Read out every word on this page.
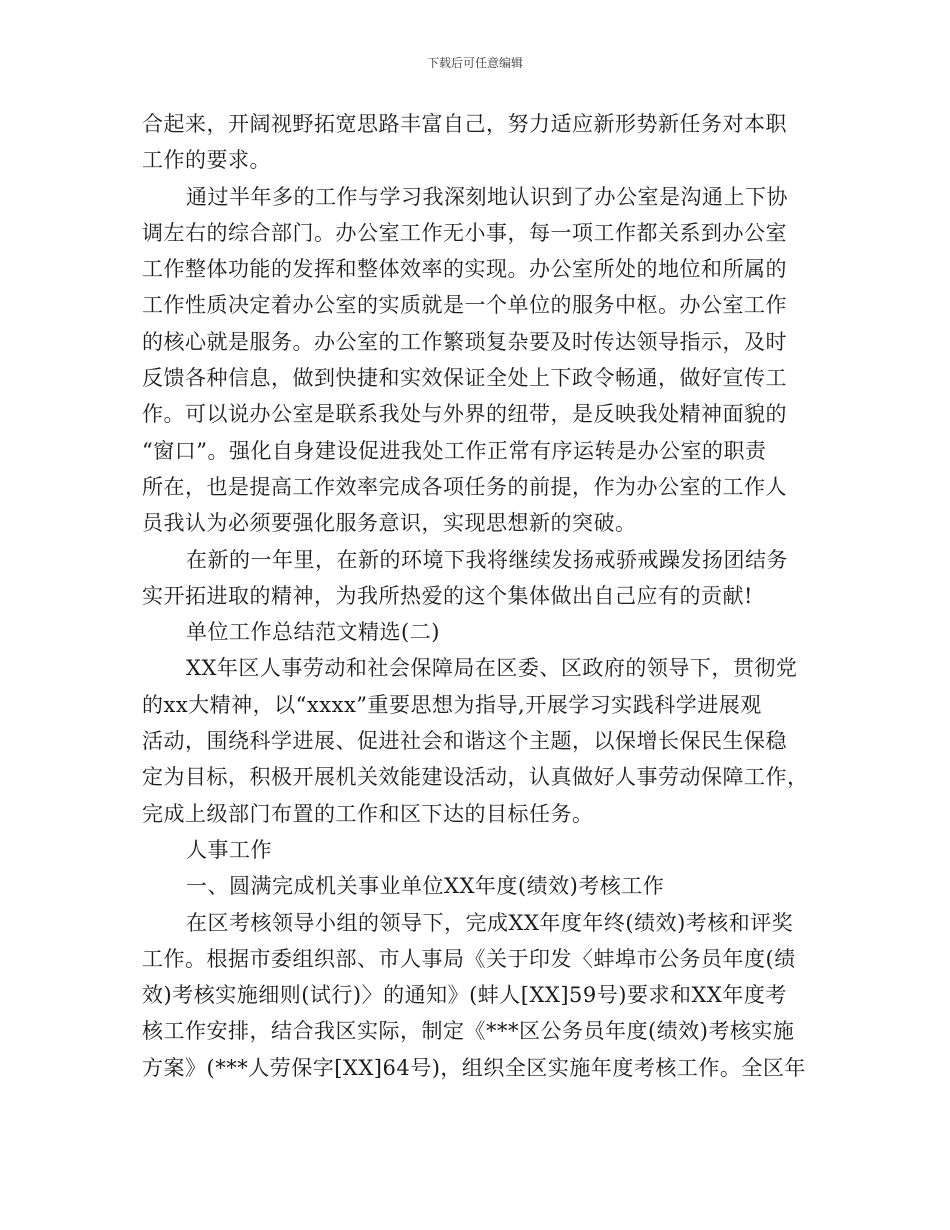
下载后可任意编辑
合起来，开阔视野拓宽思路丰富自己，努力适应新形势新任务对本职
工作的要求。
通过半年多的工作与学习我深刻地认识到了办公室是沟通上下协
调左右的综合部门。办公室工作无小事，每一项工作都关系到办公室
工作整体功能的发挥和整体效率的实现。办公室所处的地位和所属的
工作性质决定着办公室的实质就是一个单位的服务中枢。办公室工作
的核心就是服务。办公室的工作繁琐复杂要及时传达领导指示，及时
反馈各种信息，做到快捷和实效保证全处上下政令畅通，做好宣传工
作。可以说办公室是联系我处与外界的纽带，是反映我处精神面貌的
“窗口”。强化自身建设促进我处工作正常有序运转是办公室的职责
所在，也是提高工作效率完成各项任务的前提，作为办公室的工作人
员我认为必须要强化服务意识，实现思想新的突破。
在新的一年里，在新的环境下我将继续发扬戒骄戒躁发扬团结务
实开拓进取的精神，为我所热爱的这个集体做出自己应有的贡献!
单位工作总结范文精选(二)
XX年区人事劳动和社会保障局在区委、区政府的领导下，贯彻党
的xx大精神，以“xxxx”重要思想为指导,开展学习实践科学进展观
活动，围绕科学进展、促进社会和谐这个主题，以保增长保民生保稳
定为目标，积极开展机关效能建设活动，认真做好人事劳动保障工作，
完成上级部门布置的工作和区下达的目标任务。
人事工作
一、圆满完成机关事业单位XX年度(绩效)考核工作
在区考核领导小组的领导下，完成XX年度年终(绩效)考核和评奖
工作。根据市委组织部、市人事局《关于印发〈蚌埠市公务员年度(绩
效)考核实施细则(试行)〉的通知》(蚌人[XX]59号)要求和XX年度考
核工作安排，结合我区实际，制定《***区公务员年度(绩效)考核实施
方案》(***人劳保字[XX]64号)，组织全区实施年度考核工作。全区年
